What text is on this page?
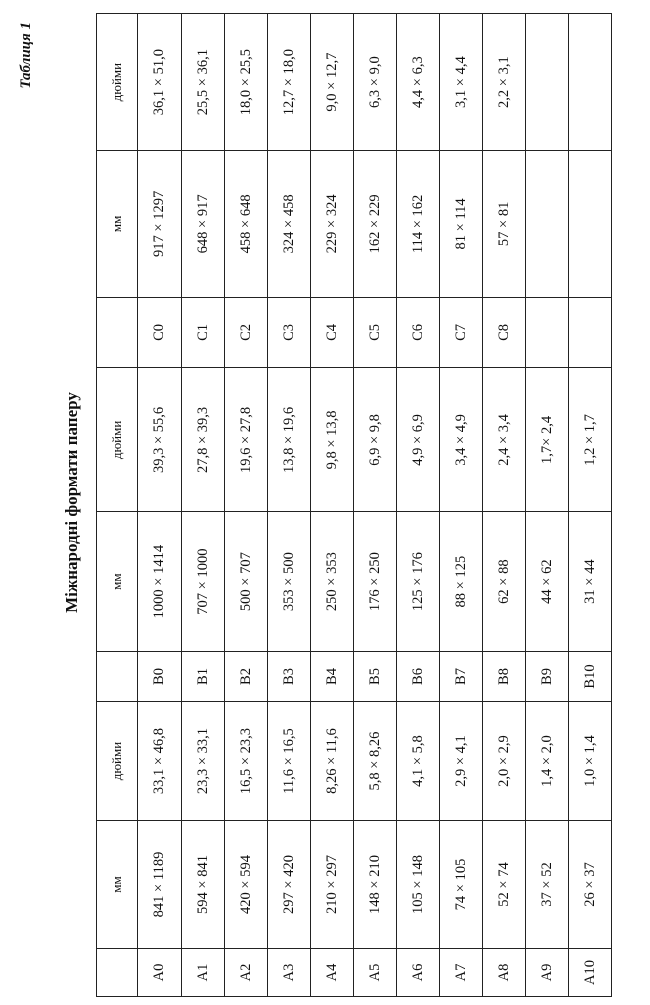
Таблиця 1
Міжнародні формати паперу
	мм	дюйми		мм	дюйми		мм	дюйми
A0	841 × 1189	33,1 × 46,8	B0	1000 × 1414	39,3 × 55,6	C0	917 × 1297	36,1 × 51,0
A1	594 × 841	23,3 × 33,1	B1	707 × 1000	27,8 × 39,3	C1	648 × 917	25,5 × 36,1
A2	420 × 594	16,5 × 23,3	B2	500 × 707	19,6 × 27,8	C2	458 × 648	18,0 × 25,5
A3	297 × 420	11,6 × 16,5	B3	353 × 500	13,8 × 19,6	C3	324 × 458	12,7 × 18,0
A4	210 × 297	8,26 × 11,6	B4	250 × 353	9,8 × 13,8	C4	229 × 324	9,0 × 12,7
A5	148 × 210	5,8 × 8,26	B5	176 × 250	6,9 × 9,8	C5	162 × 229	6,3 × 9,0
A6	105 × 148	4,1 × 5,8	B6	125 × 176	4,9 × 6,9	C6	114 × 162	4,4 × 6,3
A7	74 × 105	2,9 × 4,1	B7	88 × 125	3,4 × 4,9	C7	81 × 114	3,1 × 4,4
A8	52 × 74	2,0 × 2,9	B8	62 × 88	2,4 × 3,4	C8	57 × 81	2,2 × 3,1
A9	37 × 52	1,4 × 2,0	B9	44 × 62	1,7× 2,4			
A10	26 × 37	1,0 × 1,4	B10	31 × 44	1,2 × 1,7			
